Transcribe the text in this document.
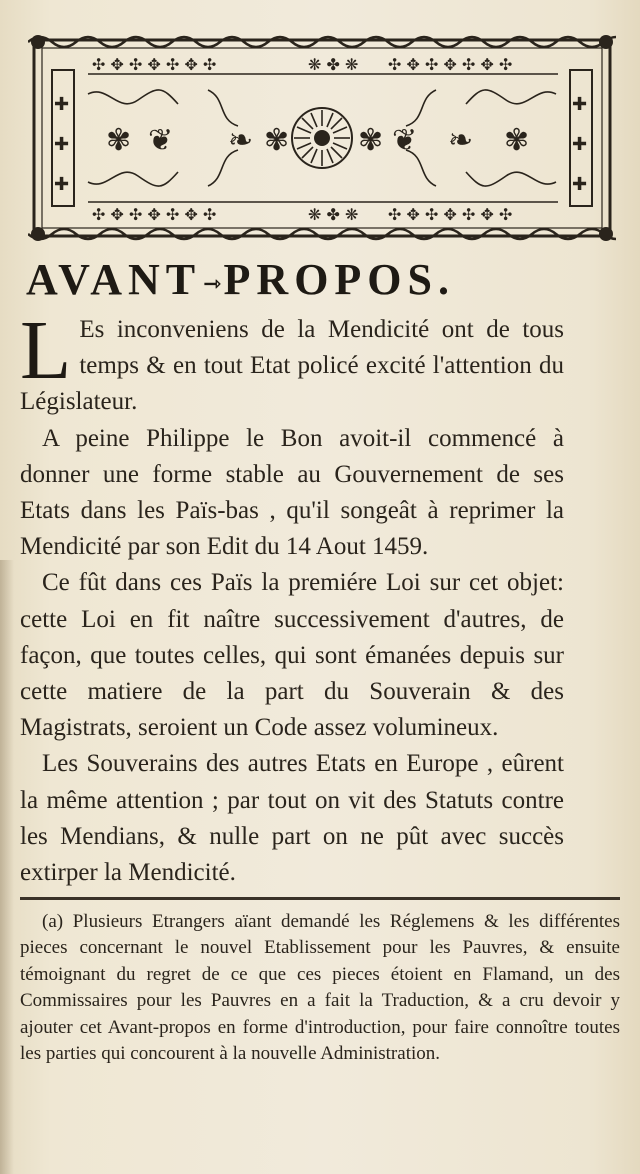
✣ ✥ ✣ ✥ ✣ ✥ ✣	❋ ✤ ❋ ✣ ✥ ✣ ✥ ✣ ✥ ✣
✣ ✥ ✣ ✥ ✣ ✥ ✣	❋ ✤ ❋ ✣ ✥ ✣ ✥ ✣ ✥ ✣
✚
✚
✚
✚
✚
✚
✾ ❦ ❧ ✾ ✾ ❦ ❧ ✾
AVANT⇾PROPOS.

L Es inconveniens de la Mendicité ont de tous temps & en tout Etat policé excité l'attention du Législateur.

A peine Philippe le Bon avoit-il commencé à donner une forme stable au Gouvernement de ses Etats dans les Païs-bas , qu'il songeât à reprimer la Mendicité par son Edit du 14 Aout 1459.

Ce fût dans ces Païs la premiére Loi sur cet objet: cette Loi en fit naître successivement d'autres, de façon, que toutes celles, qui sont émanées depuis sur cette matiere de la part du Souverain & des Magistrats, seroient un Code assez volumineux.

Les Souverains des autres Etats en Europe , eûrent la même attention ; par tout on vit des Statuts contre les Mendians, & nulle part on ne pût avec succès extirper la Mendicité.

(a) Plusieurs Etrangers aïant demandé les Réglemens & les différentes pieces concernant le nouvel Etablissement pour les Pauvres, & ensuite témoignant du regret de ce que ces pieces étoient en Flamand, un des Commissaires pour les Pauvres en a fait la Traduction, & a cru devoir y ajouter cet Avant-propos en forme d'introduction, pour faire connoître toutes les parties qui concourent à la nouvelle Administration.
